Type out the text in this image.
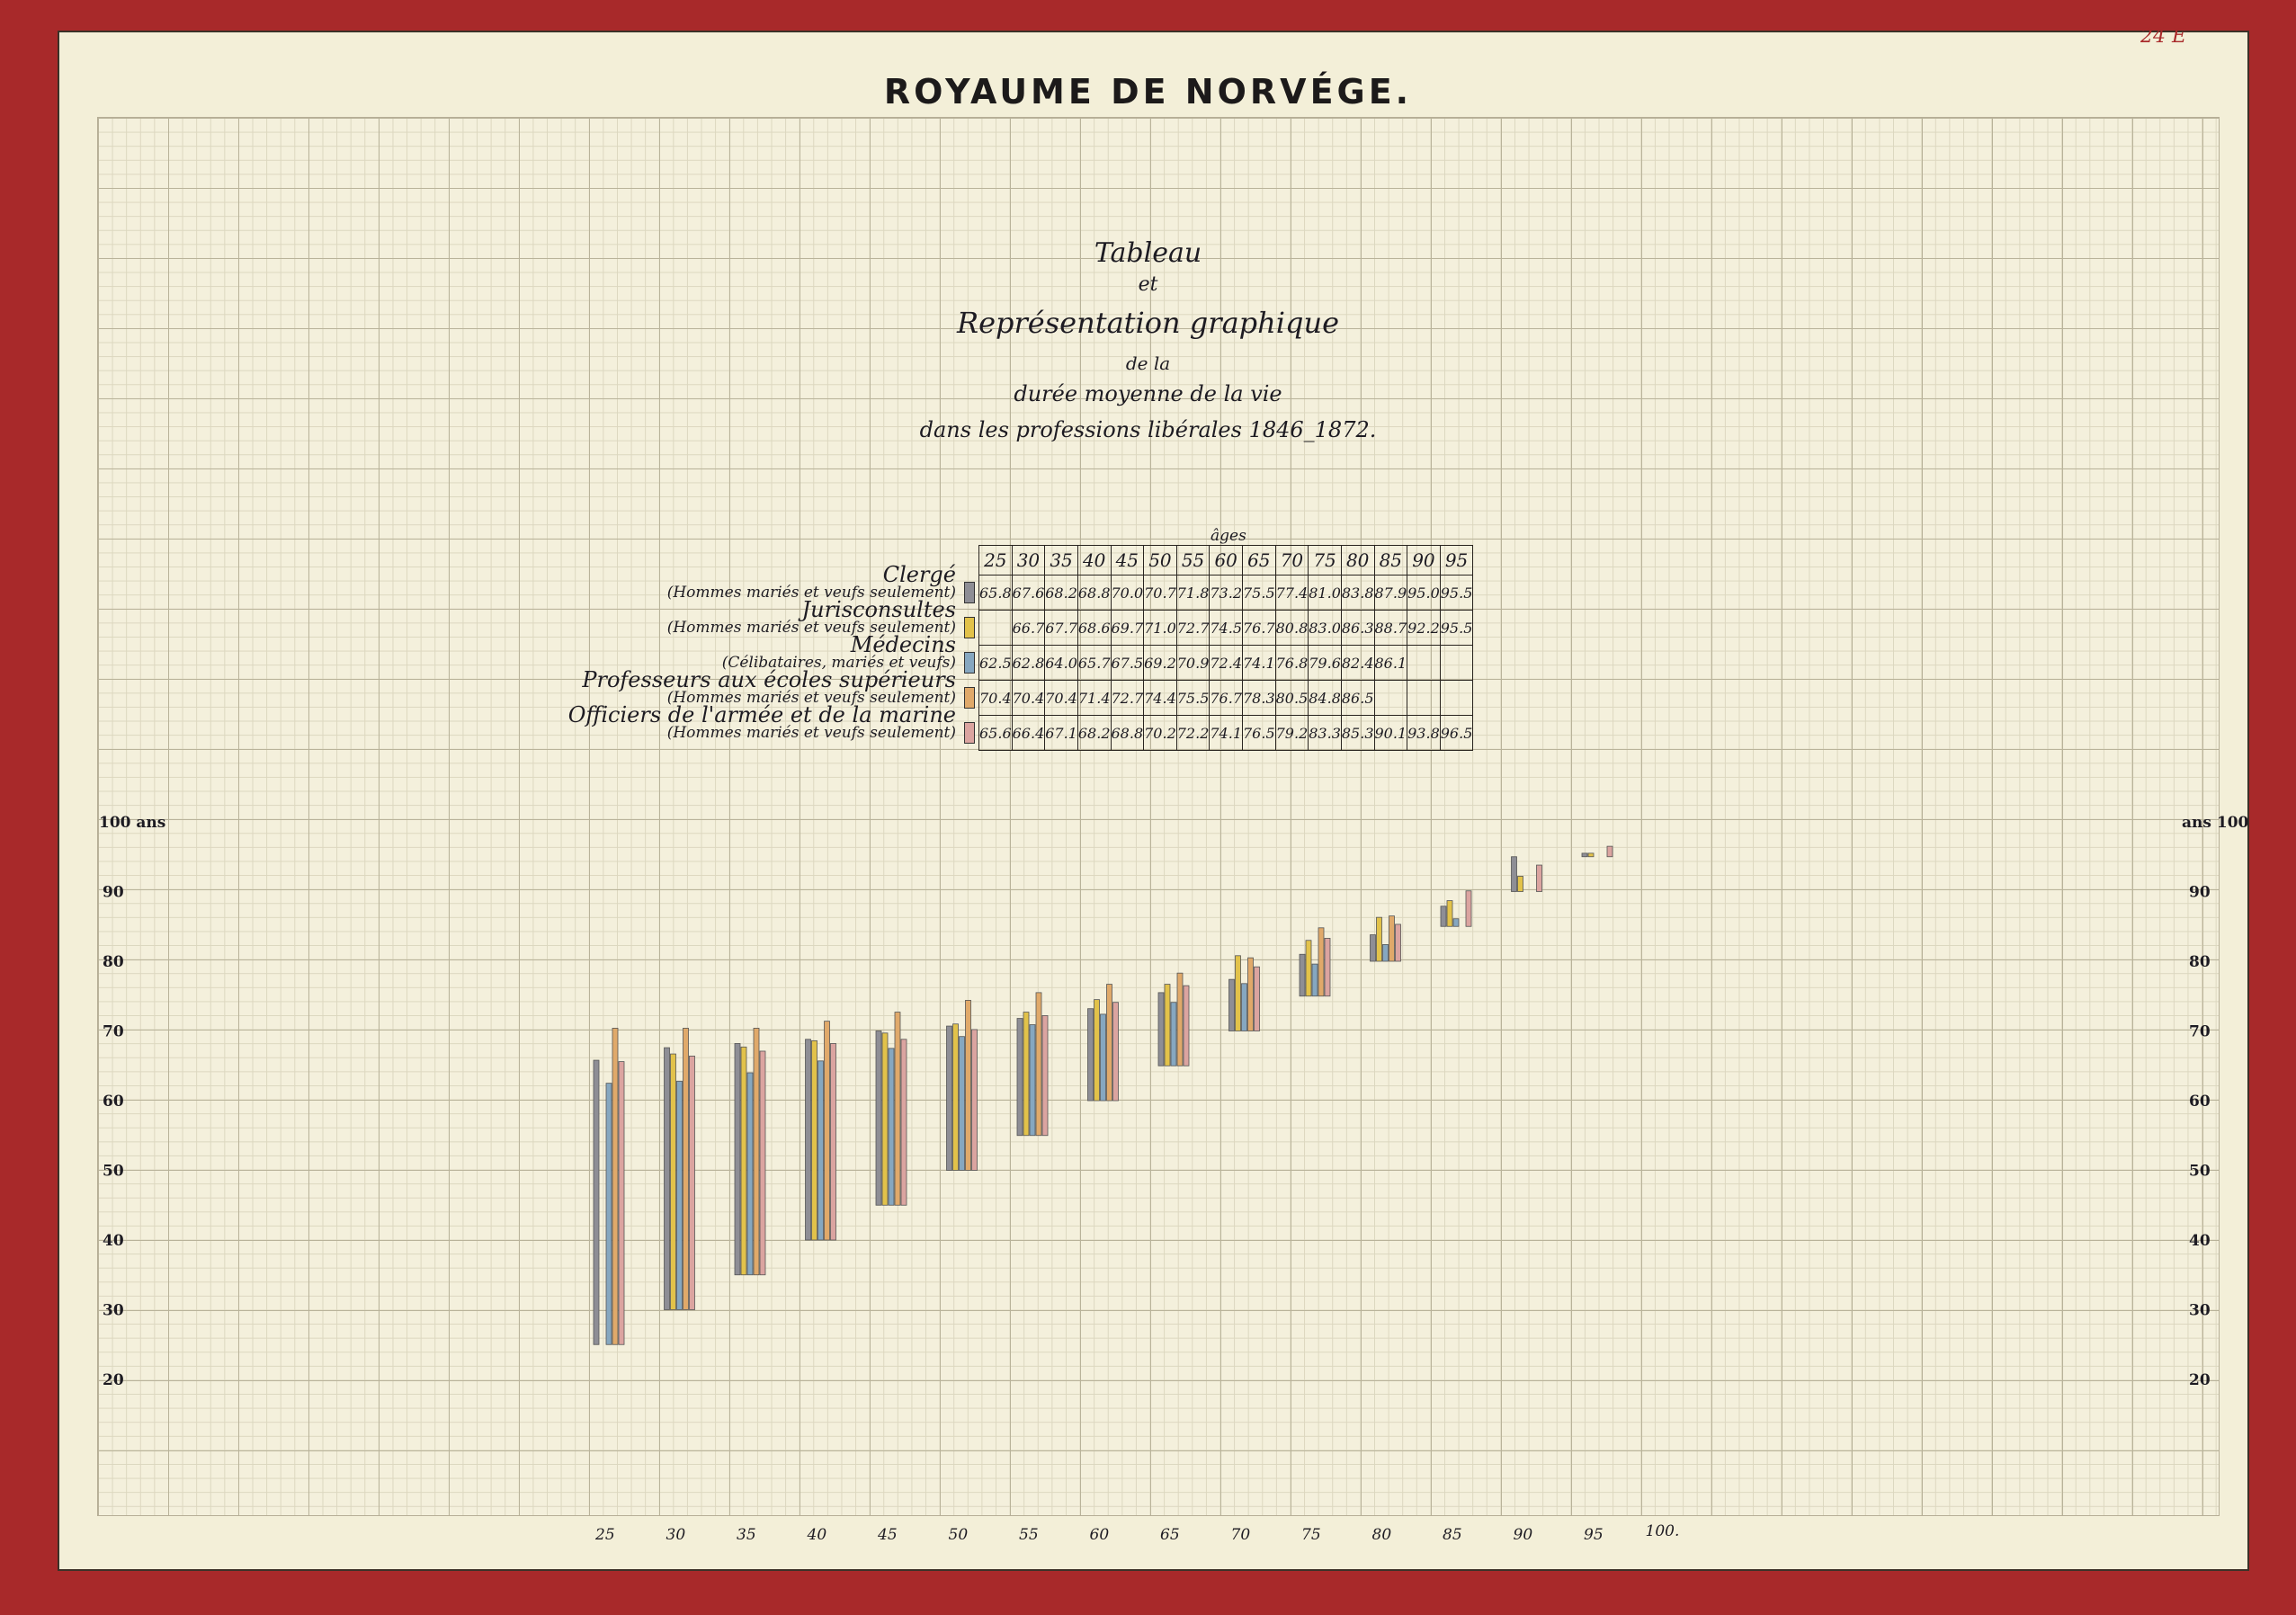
24 E
ROYAUME DE NORVÉGE.
Tableau
et
Représentation graphique
de la
durée moyenne de la vie
dans les professions libérales 1846_1872.
âges
25	30	35	40	45	50	55	60	65	70	75	80	85	90	95
65.8	67.6	68.2	68.8	70.0	70.7	71.8	73.2	75.5	77.4	81.0	83.8	87.9	95.0	95.5
	66.7	67.7	68.6	69.7	71.0	72.7	74.5	76.7	80.8	83.0	86.3	88.7	92.2	95.5
62.5	62.8	64.0	65.7	67.5	69.2	70.9	72.4	74.1	76.8	79.6	82.4	86.1		
70.4	70.4	70.4	71.4	72.7	74.4	75.5	76.7	78.3	80.5	84.8	86.5			
65.6	66.4	67.1	68.2	68.8	70.2	72.2	74.1	76.5	79.2	83.3	85.3	90.1	93.8	96.5
Clergé
(Hommes mariés et veufs seulement)
Jurisconsultes
(Hommes mariés et veufs seulement)
Médecins
(Célibataires, mariés et veufs)
Professeurs aux écoles supérieurs
(Hommes mariés et veufs seulement)
Officiers de l'armée et de la marine
(Hommes mariés et veufs seulement)
25	30	35	40	45	50	55	60	65	70	75	80	85	90	95	100.
20	20
30	30
40	40
50	50
60	60
70	70
80	80
90	90
100 ans	ans 100
